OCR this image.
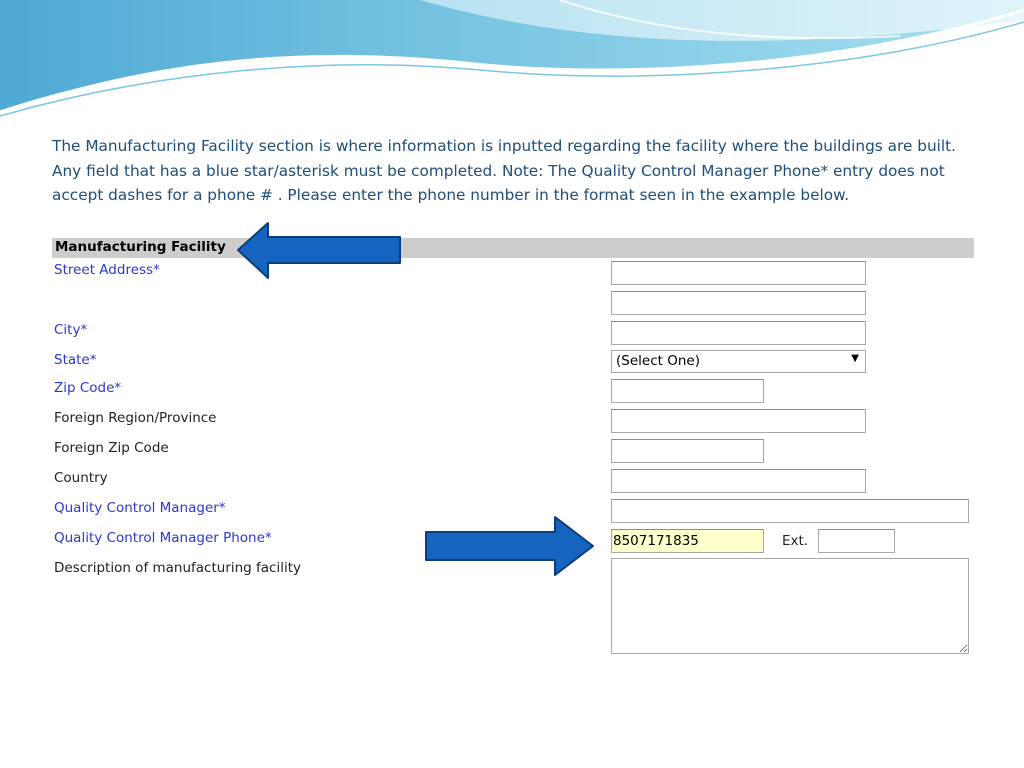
The Manufacturing Facility section is where information is inputted regarding the facility where the buildings are built. Any field that has a blue star/asterisk must be completed. Note: The Quality Control Manager Phone* entry does not accept dashes for a phone # . Please enter the phone number in the format seen in the example below.

Manufacturing Facility
Street Address*
City*
State*
Zip Code*
Foreign Region/Province
Foreign Zip Code
Country
Quality Control Manager*
Quality Control Manager Phone*
Description of manufacturing facility
(Select One)	▼
8507171835
Ext.
